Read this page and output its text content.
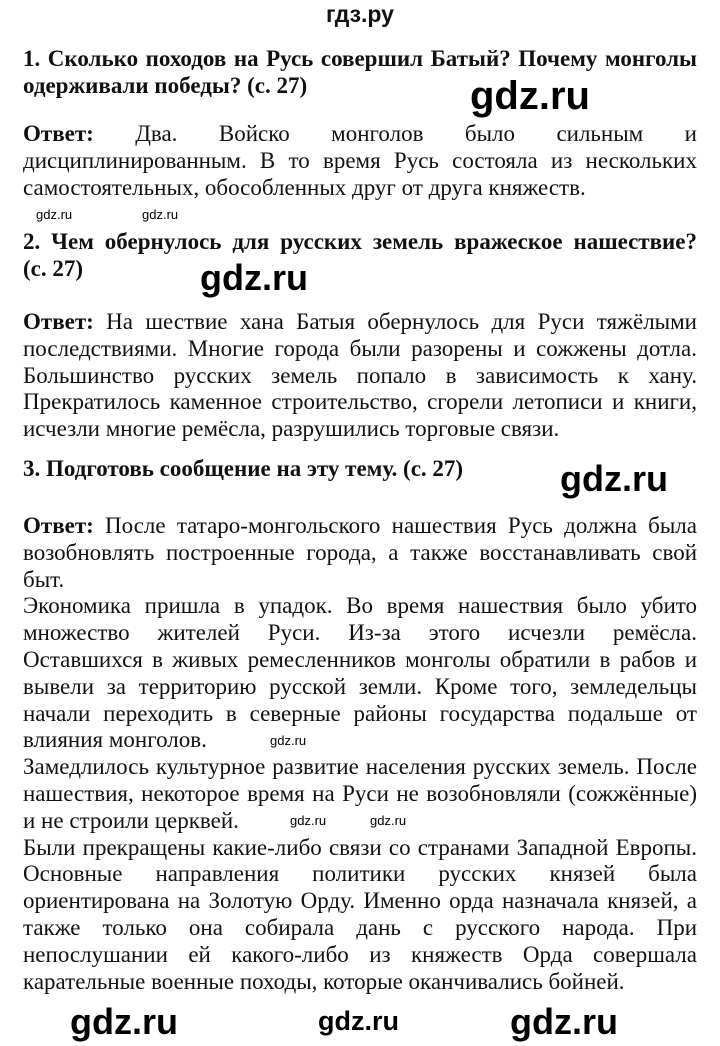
гдз.ру
1. Сколько походов на Русь совершил Батый? Почему монголы
одерживали победы? (с. 27)
Ответ: Два. Войско монголов было сильным и
дисциплинированным. В то время Русь состояла из нескольких
самостоятельных, обособленных друг от друга княжеств.
2. Чем обернулось для русских земель вражеское нашествие?
(с. 27)
Ответ: На шествие хана Батыя обернулось для Руси тяжёлыми
последствиями. Многие города были разорены и сожжены дотла.
Большинство русских земель попало в зависимость к хану.
Прекратилось каменное строительство, сгорели летописи и книги,
исчезли многие ремёсла, разрушились торговые связи.
3. Подготовь сообщение на эту тему. (с. 27)
Ответ: После татаро-монгольского нашествия Русь должна была
возобновлять построенные города, а также восстанавливать свой
быт.
Экономика пришла в упадок. Во время нашествия было убито
множество жителей Руси. Из-за этого исчезли ремёсла.
Оставшихся в живых ремесленников монголы обратили в рабов и
вывели за территорию русской земли. Кроме того, земледельцы
начали переходить в северные районы государства подальше от
влияния монголов.
Замедлилось культурное развитие населения русских земель. После
нашествия, некоторое время на Руси не возобновляли (сожжённые)
и не строили церквей.
Были прекращены какие-либо связи со странами Западной Европы.
Основные направления политики русских князей была
ориентирована на Золотую Орду. Именно орда назначала князей, а
также только она собирала дань с русского народа. При
непослушании ей какого-либо из княжеств Орда совершала
карательные военные походы, которые оканчивались бойней.
gdz.ru	gdz.ru
gdz.ru
gdz.ru
gdz.ru
gdz.ru
gdz.ru	gdz.ru
gdz.ru
gdz.ru
gdz.ru
